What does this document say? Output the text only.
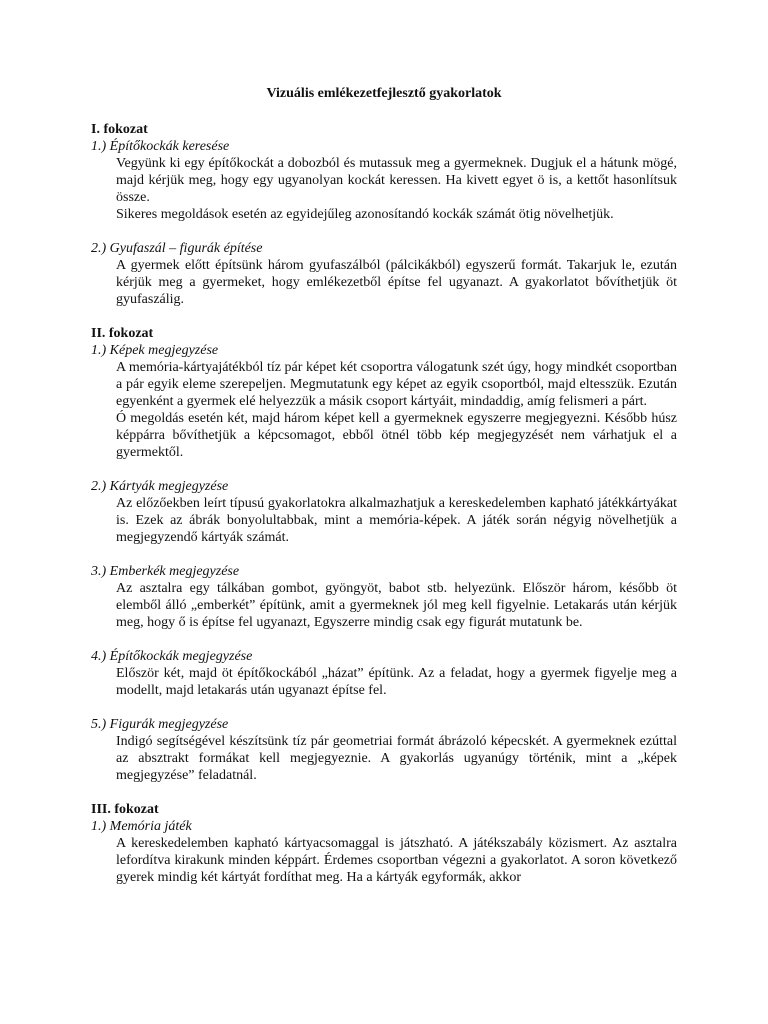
Vizuális emlékezetfejlesztő gyakorlatok

I. fokozat

1.) Építőkockák keresése

Vegyünk ki egy építőkockát a dobozból és mutassuk meg a gyermeknek. Dugjuk el a hátunk mögé, majd kérjük meg, hogy egy ugyanolyan kockát keressen. Ha kivett egyet ö is, a kettőt hasonlítsuk össze.

Sikeres megoldások esetén az egyidejűleg azonosítandó kockák számát ötig növelhetjük.

2.) Gyufaszál – figurák építése

A gyermek előtt építsünk három gyufaszálból (pálcikákból) egyszerű formát. Takarjuk le, ezután kérjük meg a gyermeket, hogy emlékezetből építse fel ugyanazt. A gyakorlatot bővíthetjük öt gyufaszálig.

II. fokozat

1.) Képek megjegyzése

A memória-kártyajátékból tíz pár képet két csoportra válogatunk szét úgy, hogy mindkét csoportban a pár egyik eleme szerepeljen. Megmutatunk egy képet az egyik csoportból, majd eltesszük. Ezután egyenként a gyermek elé helyezzük a másik csoport kártyáit, mindaddig, amíg felismeri a párt.

Ó megoldás esetén két, majd három képet kell a gyermeknek egyszerre megjegyezni. Később húsz képpárra bővíthetjük a képcsomagot, ebből ötnél több kép megjegyzését nem várhatjuk el a gyermektől.

2.) Kártyák megjegyzése

Az előzőekben leírt típusú gyakorlatokra alkalmazhatjuk a kereskedelemben kapható játékkártyákat is. Ezek az ábrák bonyolultabbak, mint a memória-képek. A játék során négyig növelhetjük a megjegyzendő kártyák számát.

3.) Emberkék megjegyzése

Az asztalra egy tálkában gombot, gyöngyöt, babot stb. helyezünk. Először három, később öt elemből álló „emberkét” építünk, amit a gyermeknek jól meg kell figyelnie. Letakarás után kérjük meg, hogy ő is építse fel ugyanazt, Egyszerre mindig csak egy figurát mutatunk be.

4.) Építőkockák megjegyzése

Először két, majd öt építőkockából „házat” építünk. Az a feladat, hogy a gyermek figyelje meg a modellt, majd letakarás után ugyanazt építse fel.

5.) Figurák megjegyzése

Indigó segítségével készítsünk tíz pár geometriai formát ábrázoló képecskét. A gyermeknek ezúttal az absztrakt formákat kell megjegyeznie. A gyakorlás ugyanúgy történik, mint a „képek megjegyzése” feladatnál.

III. fokozat

1.) Memória játék

A kereskedelemben kapható kártyacsomaggal is játszható. A játékszabály közismert. Az asztalra lefordítva kirakunk minden képpárt. Érdemes csoportban végezni a gyakorlatot. A soron következő gyerek mindig két kártyát fordíthat meg. Ha a kártyák egyformák, akkor
